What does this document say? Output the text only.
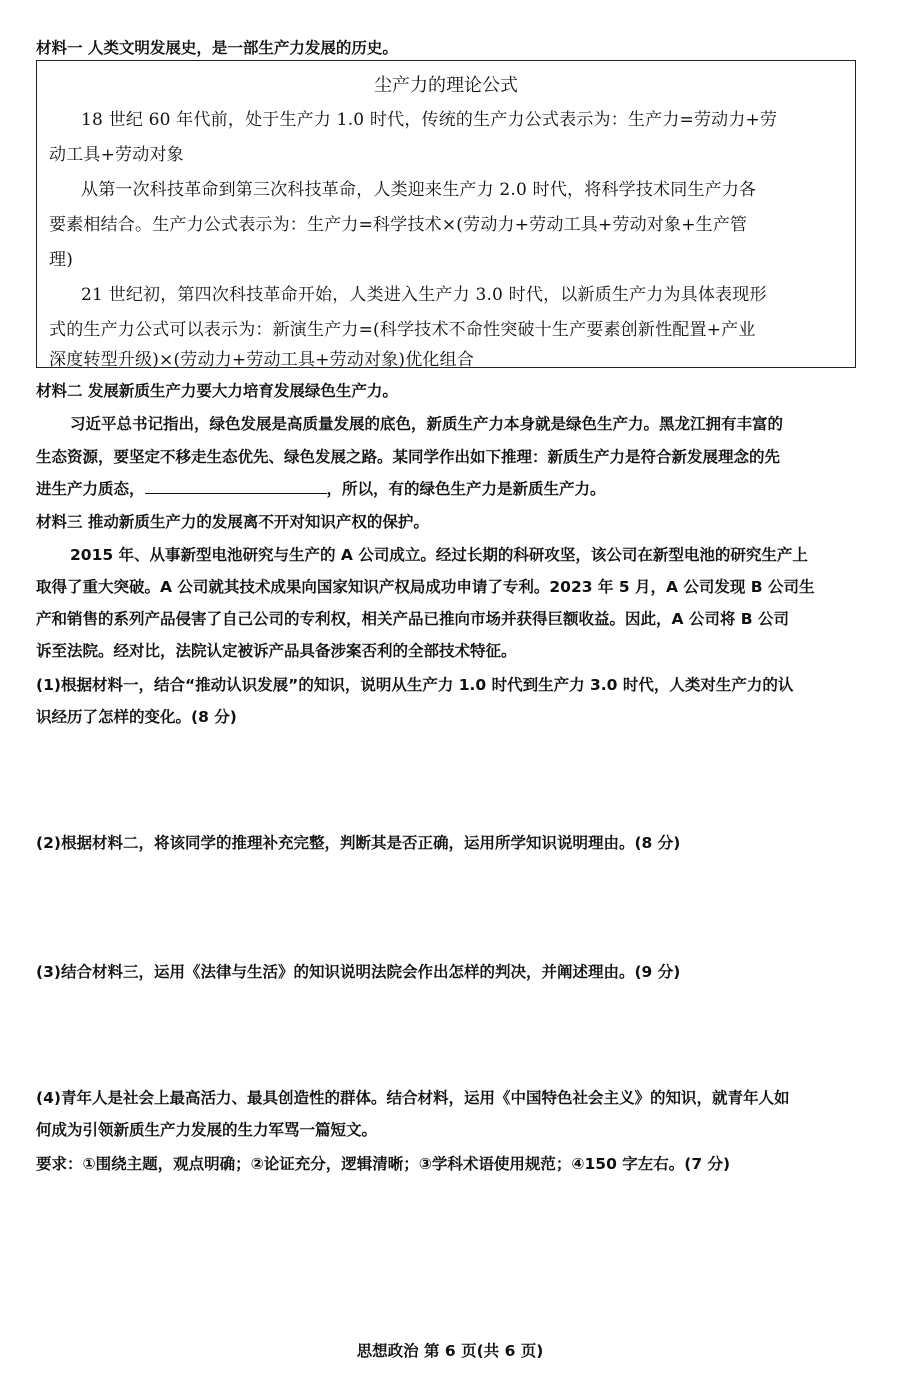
材料一 人类文明发展史，是一部生产力发展的历史。
尘产力的理论公式
18 世纪 60 年代前，处于生产力 1.0 时代，传统的生产力公式表示为：生产力=劳动力+劳
动工具+劳动对象
从第一次科技革命到第三次科技革命，人类迎来生产力 2.0 时代，将科学技术同生产力各
要素相结合。生产力公式表示为：生产力=科学技术×(劳动力+劳动工具+劳动对象+生产管
理)
21 世纪初，第四次科技革命开始，人类进入生产力 3.0 时代，以新质生产力为具体表现形
式的生产力公式可以表示为：新演生产力=(科学技术不命性突破十生产要素创新性配置+产业
深度转型升级)×(劳动力+劳动工具+劳动对象)优化组合
材料二 发展新质生产力要大力培育发展绿色生产力。
习近平总书记指出，绿色发展是高质量发展的底色，新质生产力本身就是绿色生产力。黑龙江拥有丰富的
生态资源，要坚定不移走生态优先、绿色发展之路。某同学作出如下推理：新质生产力是符合新发展理念的先
进生产力质态，	，所以，有的绿色生产力是新质生产力。
材料三 推动新质生产力的发展离不开对知识产权的保护。
2015 年、从事新型电池研究与生产的 A 公司成立。经过长期的科研攻坚，该公司在新型电池的研究生产上
取得了重大突破。A 公司就其技术成果向国家知识产权局成功申请了专利。2023 年 5 月，A 公司发现 B 公司生
产和销售的系列产品侵害了自己公司的专利权，相关产品已推向市场并获得巨额收益。因此，A 公司将 B 公司
诉至法院。经对比，法院认定被诉产品具备涉案否利的全部技术特征。
(1)根据材料一，结合“推动认识发展”的知识，说明从生产力 1.0 时代到生产力 3.0 时代，人类对生产力的认
识经历了怎样的变化。(8 分)
(2)根据材料二，将该同学的推理补充完整，判断其是否正确，运用所学知识说明理由。(8 分)
(3)结合材料三，运用《法律与生活》的知识说明法院会作出怎样的判决，并阐述理由。(9 分)
(4)青年人是社会上最高活力、最具创造性的群体。结合材料，运用《中国特色社会主义》的知识，就青年人如
何成为引领新质生产力发展的生力军骂一篇短文。
要求：①围绕主题，观点明确；②论证充分，逻辑清晰；③学科术语使用规范；④150 字左右。(7 分)
思想政治 第 6 页(共 6 页)
